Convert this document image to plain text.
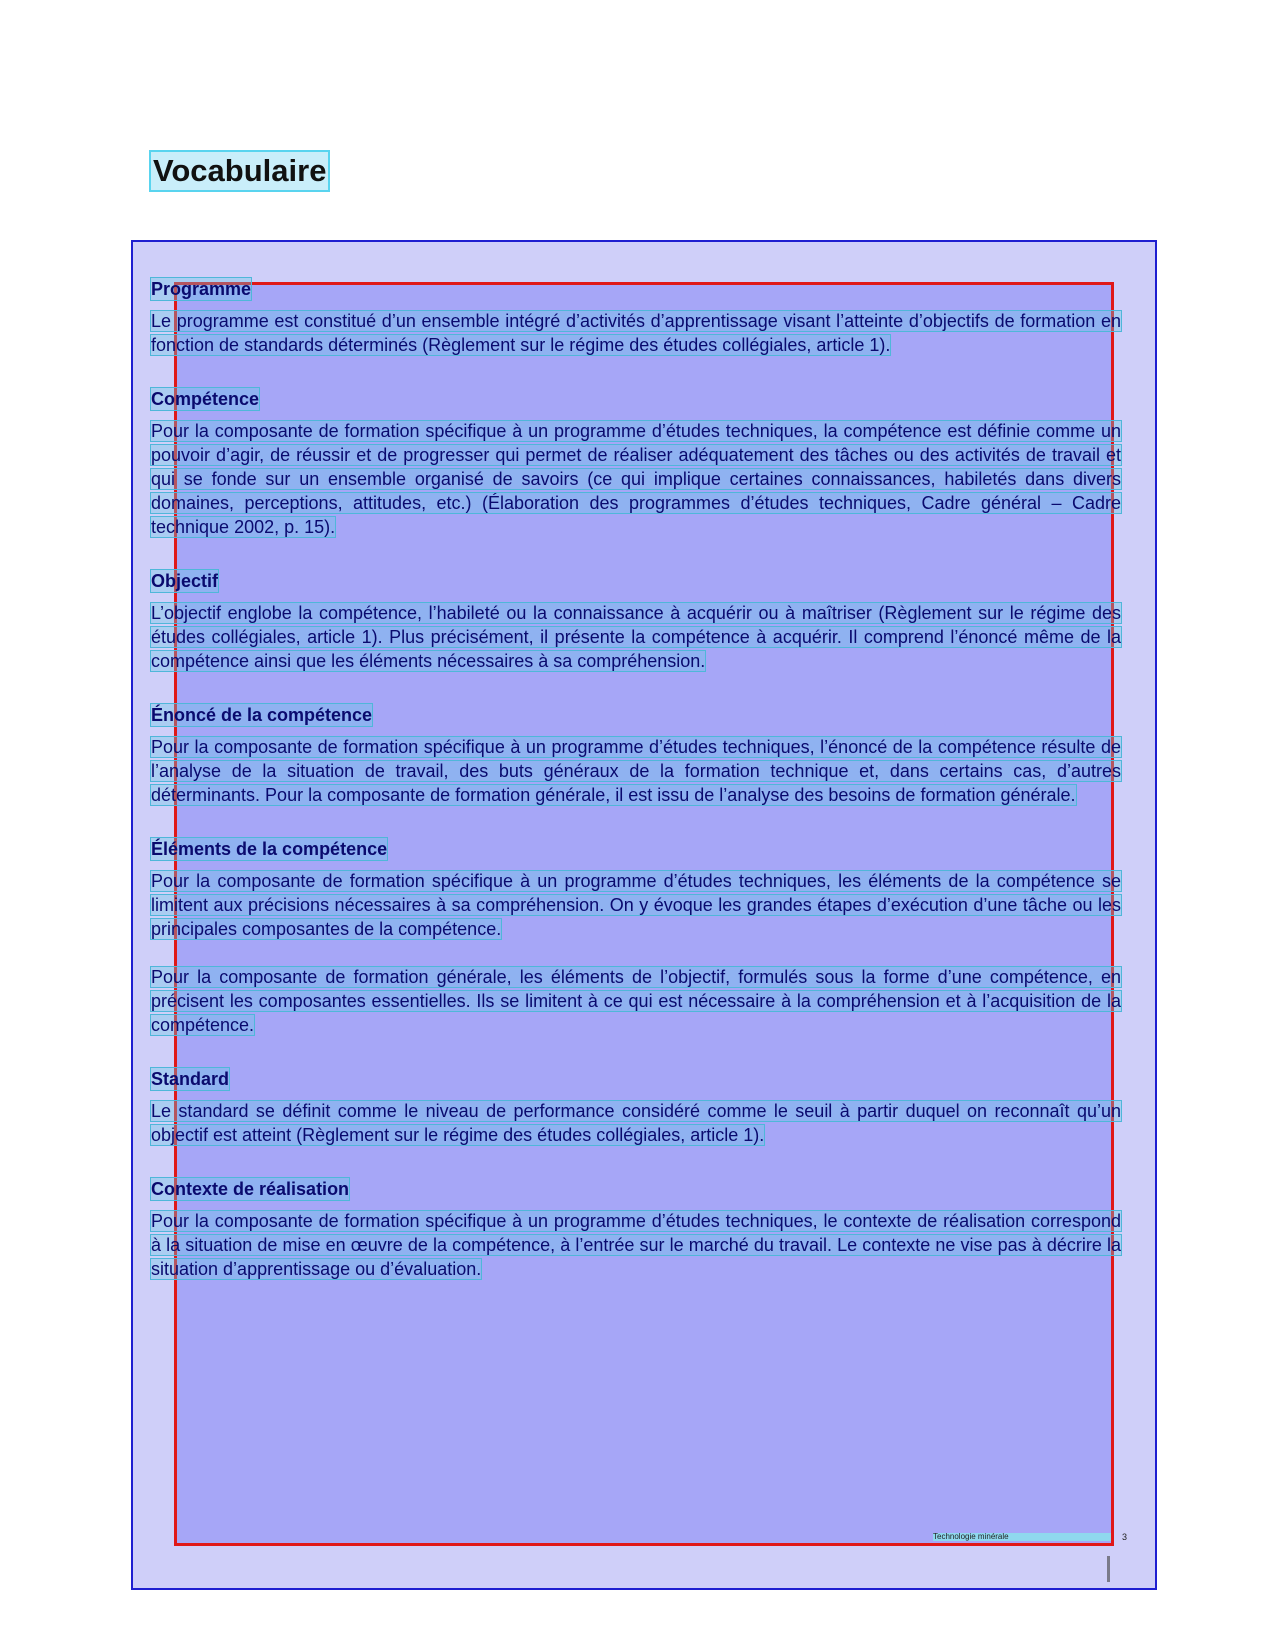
Vocabulaire
Programme

Le programme est constitué d’un ensemble intégré d’activités d’apprentissage visant l’atteinte d’objectifs de formation en fonction de standards déterminés (Règlement sur le régime des études collégiales, article 1).

Compétence

Pour la composante de formation spécifique à un programme d’études techniques, la compétence est définie comme un pouvoir d’agir, de réussir et de progresser qui permet de réaliser adéquatement des tâches ou des activités de travail et qui se fonde sur un ensemble organisé de savoirs (ce qui implique certaines connaissances, habiletés dans divers domaines, perceptions, attitudes, etc.) (Élaboration des programmes d’études techniques, Cadre général – Cadre technique 2002, p. 15).

Objectif

L’objectif englobe la compétence, l’habileté ou la connaissance à acquérir ou à maîtriser (Règlement sur le régime des études collégiales, article 1). Plus précisément, il présente la compétence à acquérir. Il comprend l’énoncé même de la compétence ainsi que les éléments nécessaires à sa compréhension.

Énoncé de la compétence

Pour la composante de formation spécifique à un programme d’études techniques, l’énoncé de la compétence résulte de l’analyse de la situation de travail, des buts généraux de la formation technique et, dans certains cas, d’autres déterminants. Pour la composante de formation générale, il est issu de l’analyse des besoins de formation générale.

Éléments de la compétence

Pour la composante de formation spécifique à un programme d’études techniques, les éléments de la compétence se limitent aux précisions nécessaires à sa compréhension. On y évoque les grandes étapes d’exécution d’une tâche ou les principales composantes de la compétence.

Pour la composante de formation générale, les éléments de l’objectif, formulés sous la forme d’une compétence, en précisent les composantes essentielles. Ils se limitent à ce qui est nécessaire à la compréhension et à l’acquisition de la compétence.

Standard

Le standard se définit comme le niveau de performance considéré comme le seuil à partir duquel on reconnaît qu’un objectif est atteint (Règlement sur le régime des études collégiales, article 1).

Contexte de réalisation

Pour la composante de formation spécifique à un programme d’études techniques, le contexte de réalisation correspond à la situation de mise en œuvre de la compétence, à l’entrée sur le marché du travail. Le contexte ne vise pas à décrire la situation d’apprentissage ou d’évaluation.

Technologie minérale	3
